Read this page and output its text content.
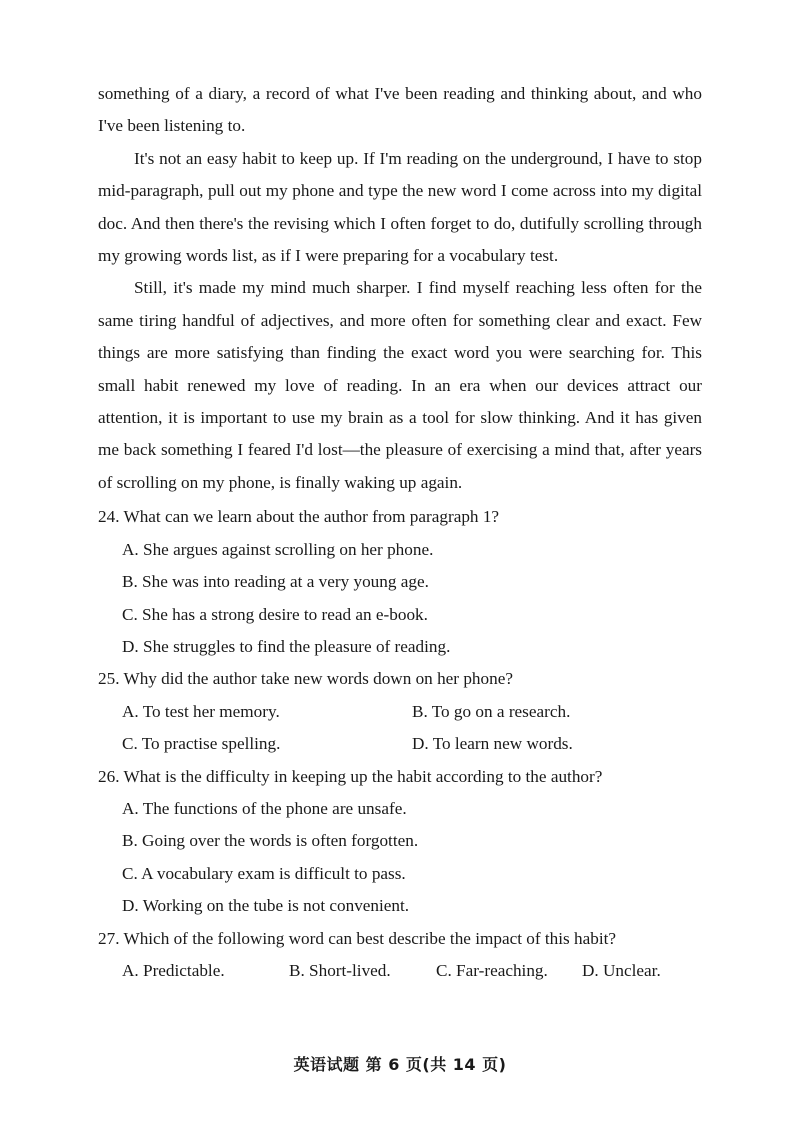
something of a diary, a record of what I've been reading and thinking about, and who I've been listening to.

It's not an easy habit to keep up. If I'm reading on the underground, I have to stop mid-paragraph, pull out my phone and type the new word I come across into my digital doc. And then there's the revising which I often forget to do, dutifully scrolling through my growing words list, as if I were preparing for a vocabulary test.

Still, it's made my mind much sharper. I find myself reaching less often for the same tiring handful of adjectives, and more often for something clear and exact. Few things are more satisfying than finding the exact word you were searching for. This small habit renewed my love of reading. In an era when our devices attract our attention, it is important to use my brain as a tool for slow thinking. And it has given me back something I feared I'd lost—the pleasure of exercising a mind that, after years of scrolling on my phone, is finally waking up again.

24. What can we learn about the author from paragraph 1?

A. She argues against scrolling on her phone.

B. She was into reading at a very young age.

C. She has a strong desire to read an e-book.

D. She struggles to find the pleasure of reading.

25. Why did the author take new words down on her phone?

A. To test her memory.	B. To go on a research.
C. To practise spelling.	D. To learn new words.

26. What is the difficulty in keeping up the habit according to the author?

A. The functions of the phone are unsafe.

B. Going over the words is often forgotten.

C. A vocabulary exam is difficult to pass.

D. Working on the tube is not convenient.

27. Which of the following word can best describe the impact of this habit?

A. Predictable.	B. Short-lived.	C. Far-reaching.	D. Unclear.
英语试题 第 6 页(共 14 页)
